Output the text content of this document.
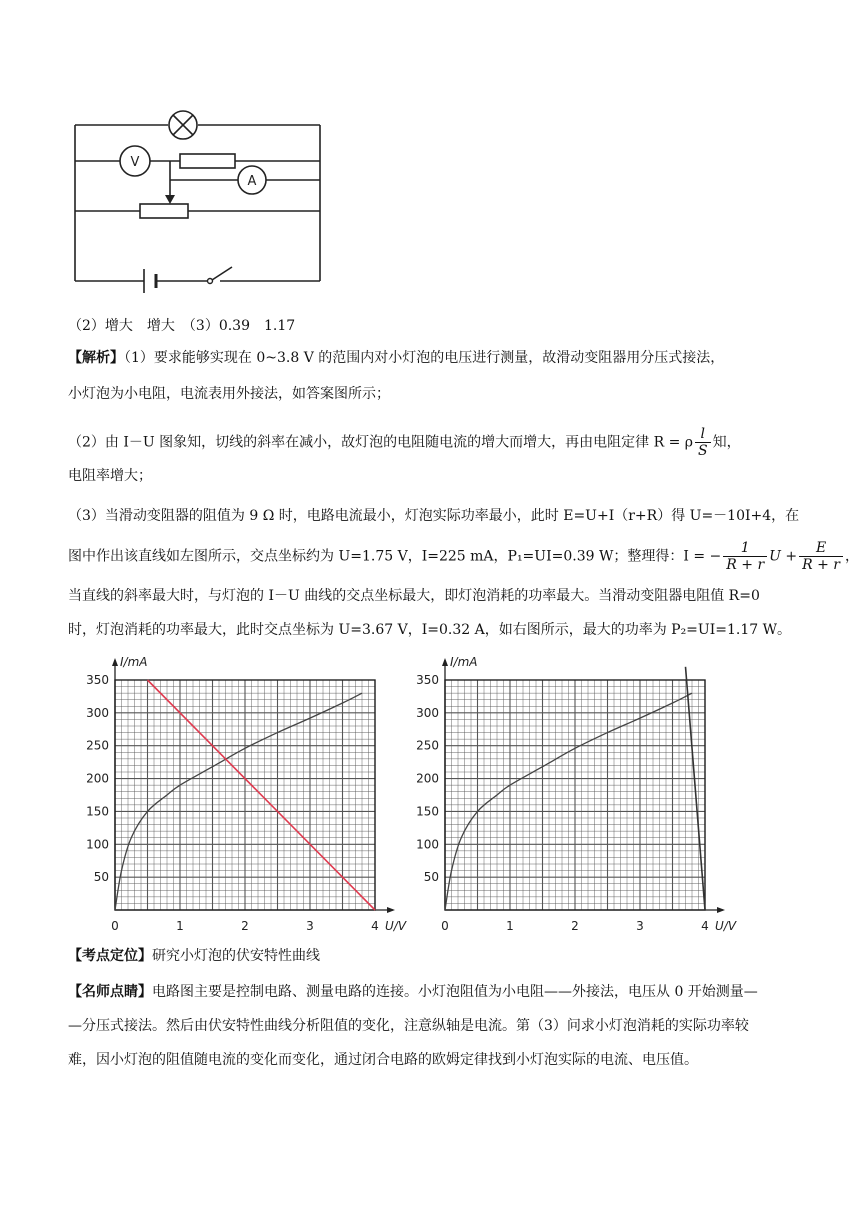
V
A
（2）增大　增大　（3）0.39　1.17
【解析】（1）要求能够实现在 0~3.8 V 的范围内对小灯泡的电压进行测量，故滑动变阻器用分压式接法，
小灯泡为小电阻，电流表用外接法，如答案图所示；
（2）由 I－U 图象知，切线的斜率在减小，故灯泡的电阻随电流的增大而增大，再由电阻定律 R = ρ $\frac{l}{S}$ 知，
电阻率增大；
（3）当滑动变阻器的阻值为 9 Ω 时，电路电流最小，灯泡实际功率最小，此时 E=U+I（r+R）得 U=－10I+4，在
图中作出该直线如左图所示，交点坐标约为 U=1.75 V，I=225 mA，P₁=UI=0.39 W；整理得：I = − $\frac{1}{R + r}$ $U + \frac{E}{R + r}$ ，
当直线的斜率最大时，与灯泡的 I－U 曲线的交点坐标最大，即灯泡消耗的功率最大。当滑动变阻器电阻值 R=0
时，灯泡消耗的功率最大，此时交点坐标为 U=3.67 V，I=0.32 A，如右图所示，最大的功率为 P₂=UI=1.17 W。
0	1	2	3	4
50
100
150
200
250
300
350
I/mA
U/V	0	1	2	3	4
50
100
150
200
250
300
350
I/mA
U/V
【考点定位】研究小灯泡的伏安特性曲线
【名师点睛】电路图主要是控制电路、测量电路的连接。小灯泡阻值为小电阻——外接法，电压从 0 开始测量—
—分压式接法。然后由伏安特性曲线分析阻值的变化，注意纵轴是电流。第（3）问求小灯泡消耗的实际功率较
难，因小灯泡的阻值随电流的变化而变化，通过闭合电路的欧姆定律找到小灯泡实际的电流、电压值。
